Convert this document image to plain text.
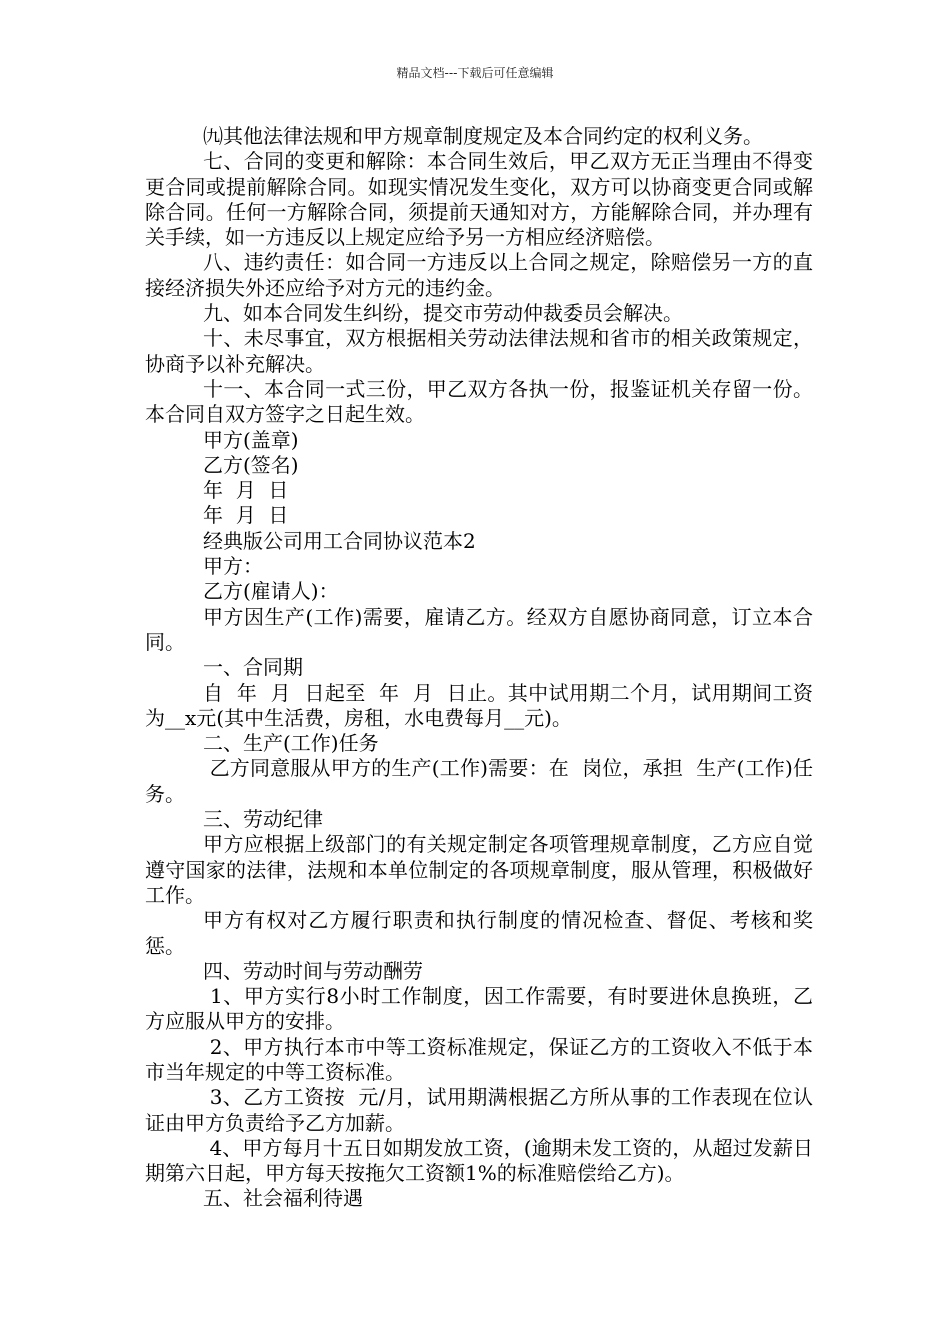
精品文档---下载后可任意编辑

㈨其他法律法规和甲方规章制度规定及本合同约定的权利义务。

七、合同的变更和解除：本合同生效后，甲乙双方无正当理由不得变更合同或提前解除合同。如现实情况发生变化，双方可以协商变更合同或解除合同。任何一方解除合同，须提前天通知对方，方能解除合同，并办理有关手续，如一方违反以上规定应给予另一方相应经济赔偿。

八、违约责任：如合同一方违反以上合同之规定，除赔偿另一方的直接经济损失外还应给予对方元的违约金。

九、如本合同发生纠纷，提交市劳动仲裁委员会解决。

十、未尽事宜，双方根据相关劳动法律法规和省市的相关政策规定，协商予以补充解决。

十一、本合同一式三份，甲乙双方各执一份，报鉴证机关存留一份。本合同自双方签字之日起生效。

甲方(盖章)

乙方(签名)

年  月  日

年  月  日

经典版公司用工合同协议范本2

甲方：

乙方(雇请人)：

甲方因生产(工作)需要，雇请乙方。经双方自愿协商同意，订立本合同。

一、合同期

自  年  月  日起至  年  月  日止。其中试用期二个月，试用期间工资为__x元(其中生活费，房租，水电费每月__元)。

二、生产(工作)任务

乙方同意服从甲方的生产(工作)需要：在  岗位，承担  生产(工作)任务。

三、劳动纪律

甲方应根据上级部门的有关规定制定各项管理规章制度，乙方应自觉遵守国家的法律，法规和本单位制定的各项规章制度，服从管理，积极做好工作。

甲方有权对乙方履行职责和执行制度的情况检查、督促、考核和奖惩。

四、劳动时间与劳动酬劳

1、甲方实行8小时工作制度，因工作需要，有时要进休息换班，乙方应服从甲方的安排。

2、甲方执行本市中等工资标准规定，保证乙方的工资收入不低于本市当年规定的中等工资标准。

3、乙方工资按  元/月，试用期满根据乙方所从事的工作表现在位认证由甲方负责给予乙方加薪。

4、甲方每月十五日如期发放工资，(逾期未发工资的，从超过发薪日期第六日起，甲方每天按拖欠工资额1%的标准赔偿给乙方)。

五、社会福利待遇
